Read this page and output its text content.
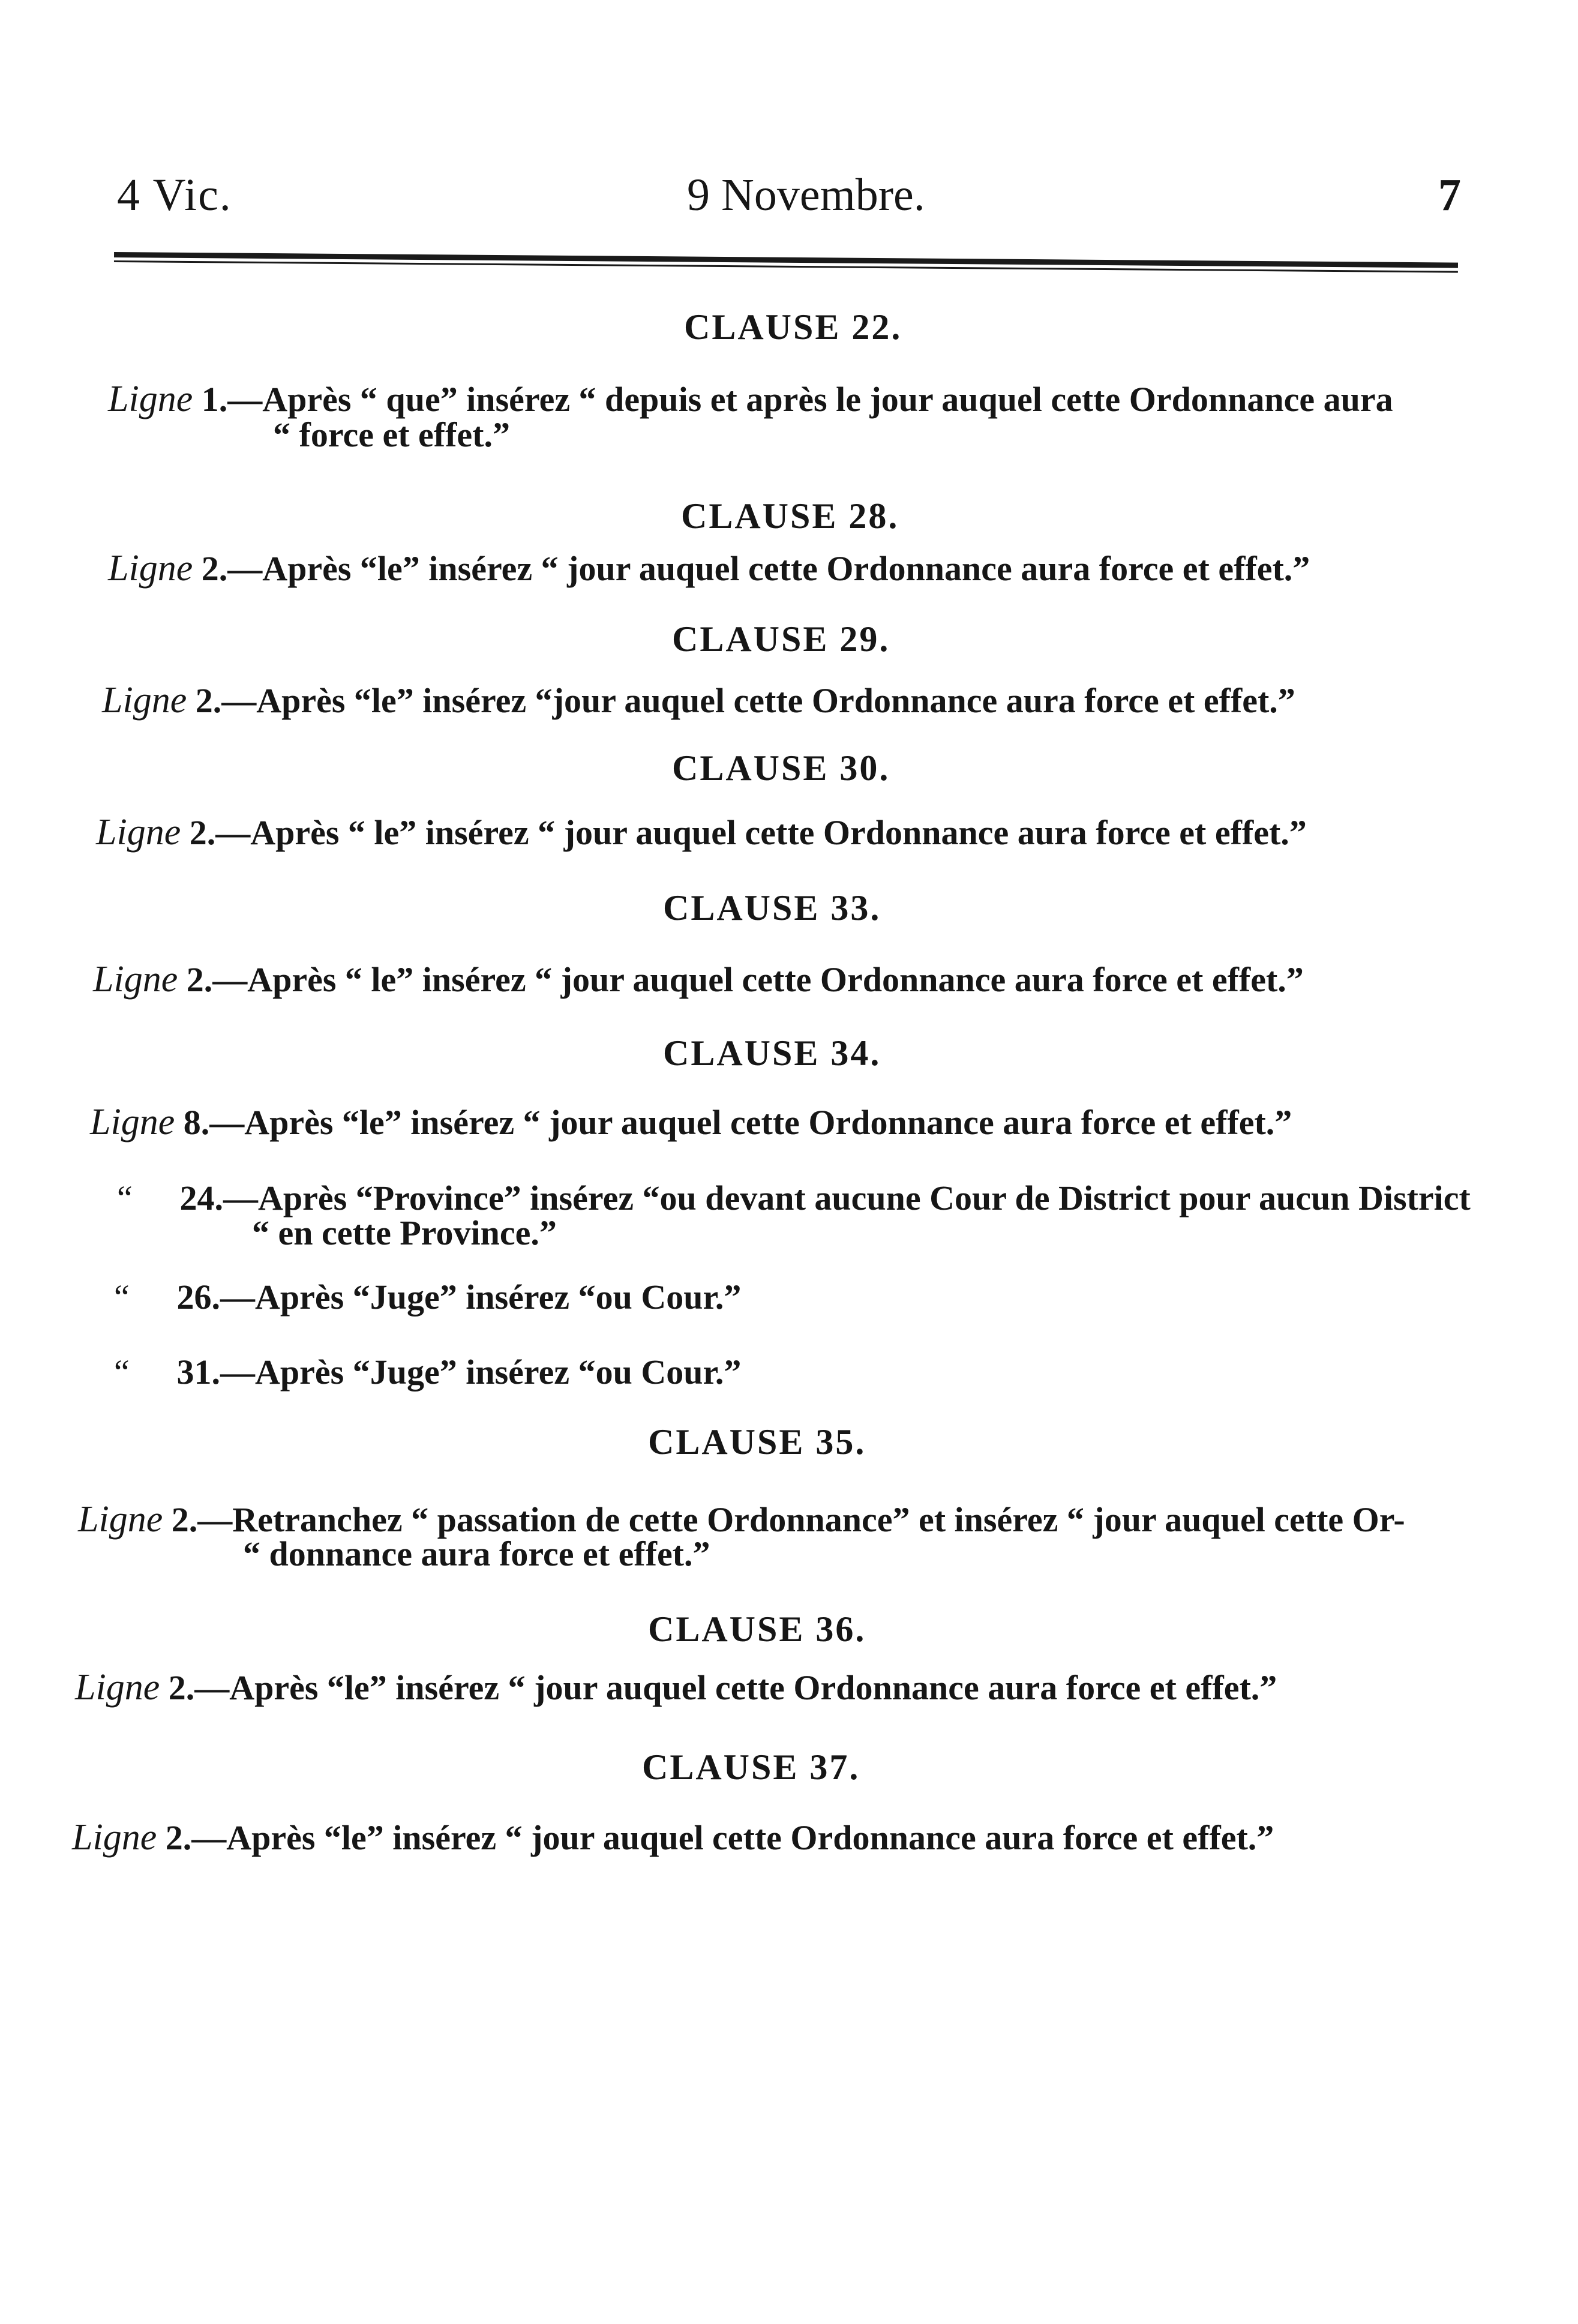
4 Vic.	9 Novembre.	7
CLAUSE 22.
Ligne 1.—Après “ que” insérez “ depuis et après le jour auquel cette Ordonnance aura
“ force et effet.”
CLAUSE 28.
Ligne 2.—Après “le” insérez “ jour auquel cette Ordonnance aura force et effet.”
CLAUSE 29.
Ligne 2.—Après “le” insérez “jour auquel cette Ordonnance aura force et effet.”
CLAUSE 30.
Ligne 2.—Après “ le” insérez “ jour auquel cette Ordonnance aura force et effet.”
CLAUSE 33.
Ligne 2.—Après “ le” insérez “ jour auquel cette Ordonnance aura force et effet.”
CLAUSE 34.
Ligne 8.—Après “le” insérez “ jour auquel cette Ordonnance aura force et effet.”
“ 24.—Après “Province” insérez “ou devant aucune Cour de District pour aucun District
“ en cette Province.”
“ 26.—Après “Juge” insérez “ou Cour.”
“ 31.—Après “Juge” insérez “ou Cour.”
CLAUSE 35.
Ligne 2.—Retranchez “ passation de cette Ordonnance” et insérez “ jour auquel cette Or-
“ donnance aura force et effet.”
CLAUSE 36.
Ligne 2.—Après “le” insérez “ jour auquel cette Ordonnance aura force et effet.”
CLAUSE 37.
Ligne 2.—Après “le” insérez “ jour auquel cette Ordonnance aura force et effet.”
